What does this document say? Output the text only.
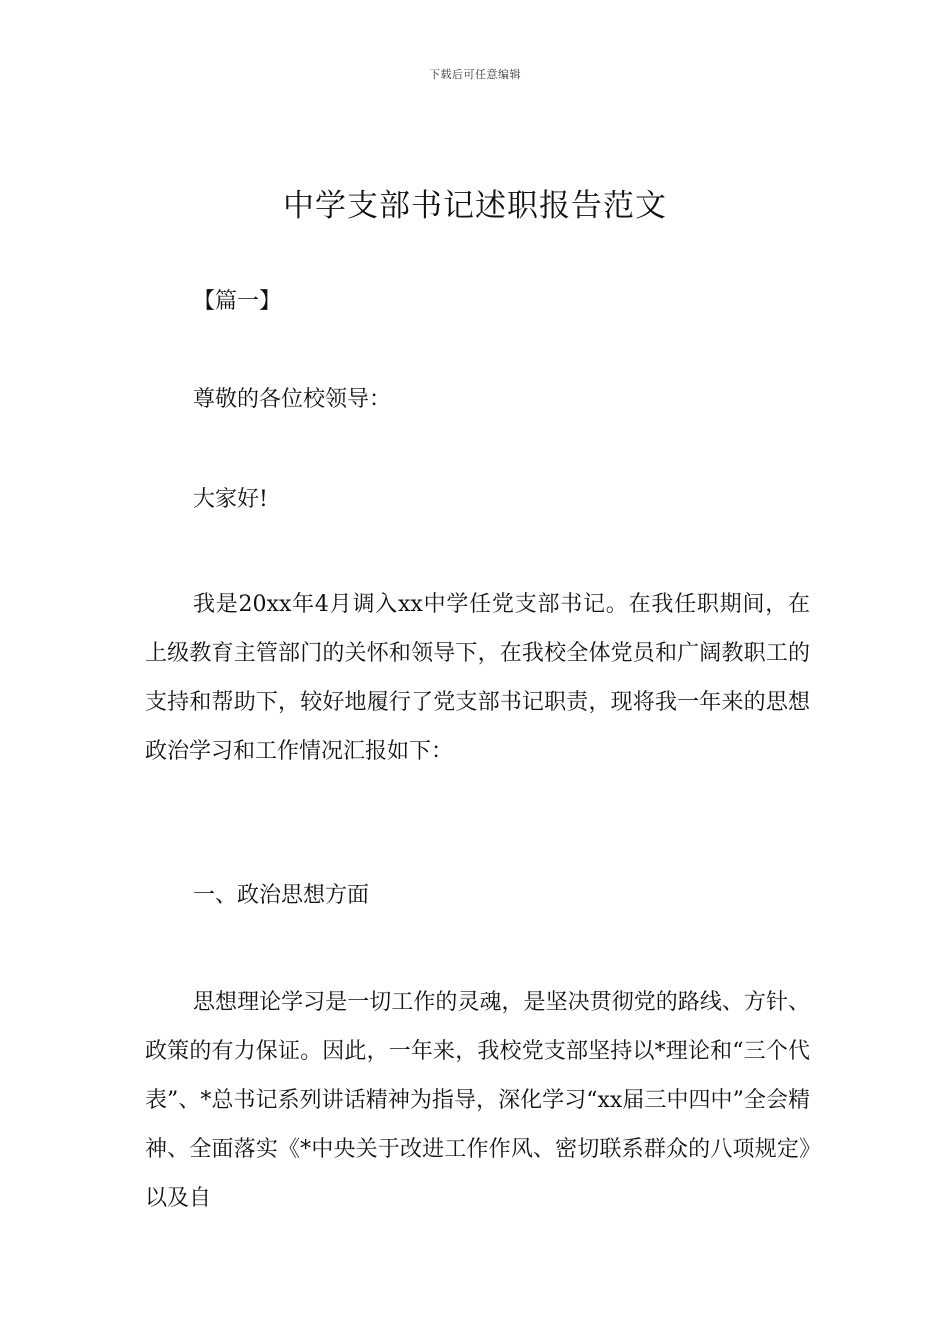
下载后可任意编辑
中学支部书记述职报告范文
【篇一】
尊敬的各位校领导：
大家好!

我是20xx年4月调入xx中学任党支部书记。在我任职期间，在上级教育主管部门的关怀和领导下，在我校全体党员和广阔教职工的支持和帮助下，较好地履行了党支部书记职责，现将我一年来的思想政治学习和工作情况汇报如下：

一、政治思想方面

思想理论学习是一切工作的灵魂，是坚决贯彻党的路线、方针、政策的有力保证。因此，一年来，我校党支部坚持以*理论和“三个代表”、*总书记系列讲话精神为指导，深化学习“xx届三中四中”全会精神、全面落实《*中央关于改进工作作风、密切联系群众的八项规定》以及自
